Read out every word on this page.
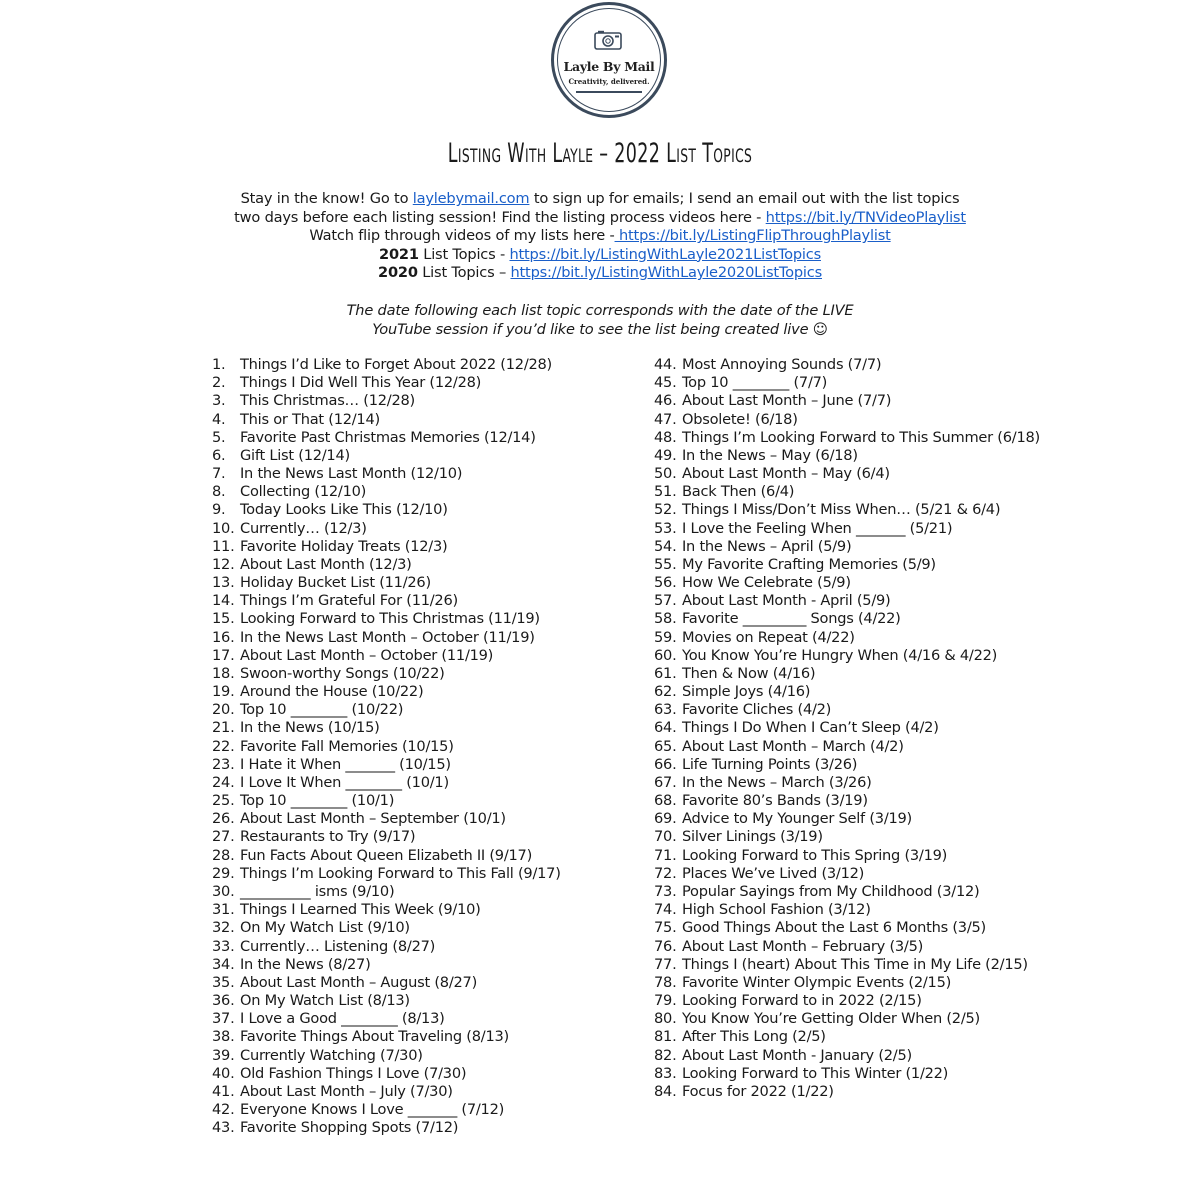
Layle By Mail
Creativity, delivered.
Listing With Layle – 2022 List Topics
Stay in the know! Go to laylebymail.com to sign up for emails; I send an email out with the list topics
two days before each listing session! Find the listing process videos here - https://bit.ly/TNVideoPlaylist
Watch flip through videos of my lists here - https://bit.ly/ListingFlipThroughPlaylist
2021 List Topics - https://bit.ly/ListingWithLayle2021ListTopics
2020 List Topics – https://bit.ly/ListingWithLayle2020ListTopics
The date following each list topic corresponds with the date of the LIVE
YouTube session if you’d like to see the list being created live ☺
1. Things I’d Like to Forget About 2022 (12/28)
2. Things I Did Well This Year (12/28)
3. This Christmas… (12/28)
4. This or That (12/14)
5. Favorite Past Christmas Memories (12/14)
6. Gift List (12/14)
7. In the News Last Month (12/10)
8. Collecting (12/10)
9. Today Looks Like This (12/10)
10. Currently… (12/3)
11. Favorite Holiday Treats (12/3)
12. About Last Month (12/3)
13. Holiday Bucket List (11/26)
14. Things I’m Grateful For (11/26)
15. Looking Forward to This Christmas (11/19)
16. In the News Last Month – October (11/19)
17. About Last Month – October (11/19)
18. Swoon-worthy Songs (10/22)
19. Around the House (10/22)
20. Top 10 ________ (10/22)
21. In the News (10/15)
22. Favorite Fall Memories (10/15)
23. I Hate it When _______ (10/15)
24. I Love It When ________ (10/1)
25. Top 10 ________ (10/1)
26. About Last Month – September (10/1)
27. Restaurants to Try (9/17)
28. Fun Facts About Queen Elizabeth II (9/17)
29. Things I’m Looking Forward to This Fall (9/17)
30. __________ isms (9/10)
31. Things I Learned This Week (9/10)
32. On My Watch List (9/10)
33. Currently… Listening (8/27)
34. In the News (8/27)
35. About Last Month – August (8/27)
36. On My Watch List (8/13)
37. I Love a Good ________ (8/13)
38. Favorite Things About Traveling (8/13)
39. Currently Watching (7/30)
40. Old Fashion Things I Love (7/30)
41. About Last Month – July (7/30)
42. Everyone Knows I Love _______ (7/12)
43. Favorite Shopping Spots (7/12)
44. Most Annoying Sounds (7/7)
45. Top 10 ________ (7/7)
46. About Last Month – June (7/7)
47. Obsolete! (6/18)
48. Things I’m Looking Forward to This Summer (6/18)
49. In the News – May (6/18)
50. About Last Month – May (6/4)
51. Back Then (6/4)
52. Things I Miss/Don’t Miss When… (5/21 & 6/4)
53. I Love the Feeling When _______ (5/21)
54. In the News – April (5/9)
55. My Favorite Crafting Memories (5/9)
56. How We Celebrate (5/9)
57. About Last Month - April (5/9)
58. Favorite _________ Songs (4/22)
59. Movies on Repeat (4/22)
60. You Know You’re Hungry When (4/16 & 4/22)
61. Then & Now (4/16)
62. Simple Joys (4/16)
63. Favorite Cliches (4/2)
64. Things I Do When I Can’t Sleep (4/2)
65. About Last Month – March (4/2)
66. Life Turning Points (3/26)
67. In the News – March (3/26)
68. Favorite 80’s Bands (3/19)
69. Advice to My Younger Self (3/19)
70. Silver Linings (3/19)
71. Looking Forward to This Spring (3/19)
72. Places We’ve Lived (3/12)
73. Popular Sayings from My Childhood (3/12)
74. High School Fashion (3/12)
75. Good Things About the Last 6 Months (3/5)
76. About Last Month – February (3/5)
77. Things I (heart) About This Time in My Life (2/15)
78. Favorite Winter Olympic Events (2/15)
79. Looking Forward to in 2022 (2/15)
80. You Know You’re Getting Older When (2/5)
81. After This Long (2/5)
82. About Last Month - January (2/5)
83. Looking Forward to This Winter (1/22)
84. Focus for 2022 (1/22)
